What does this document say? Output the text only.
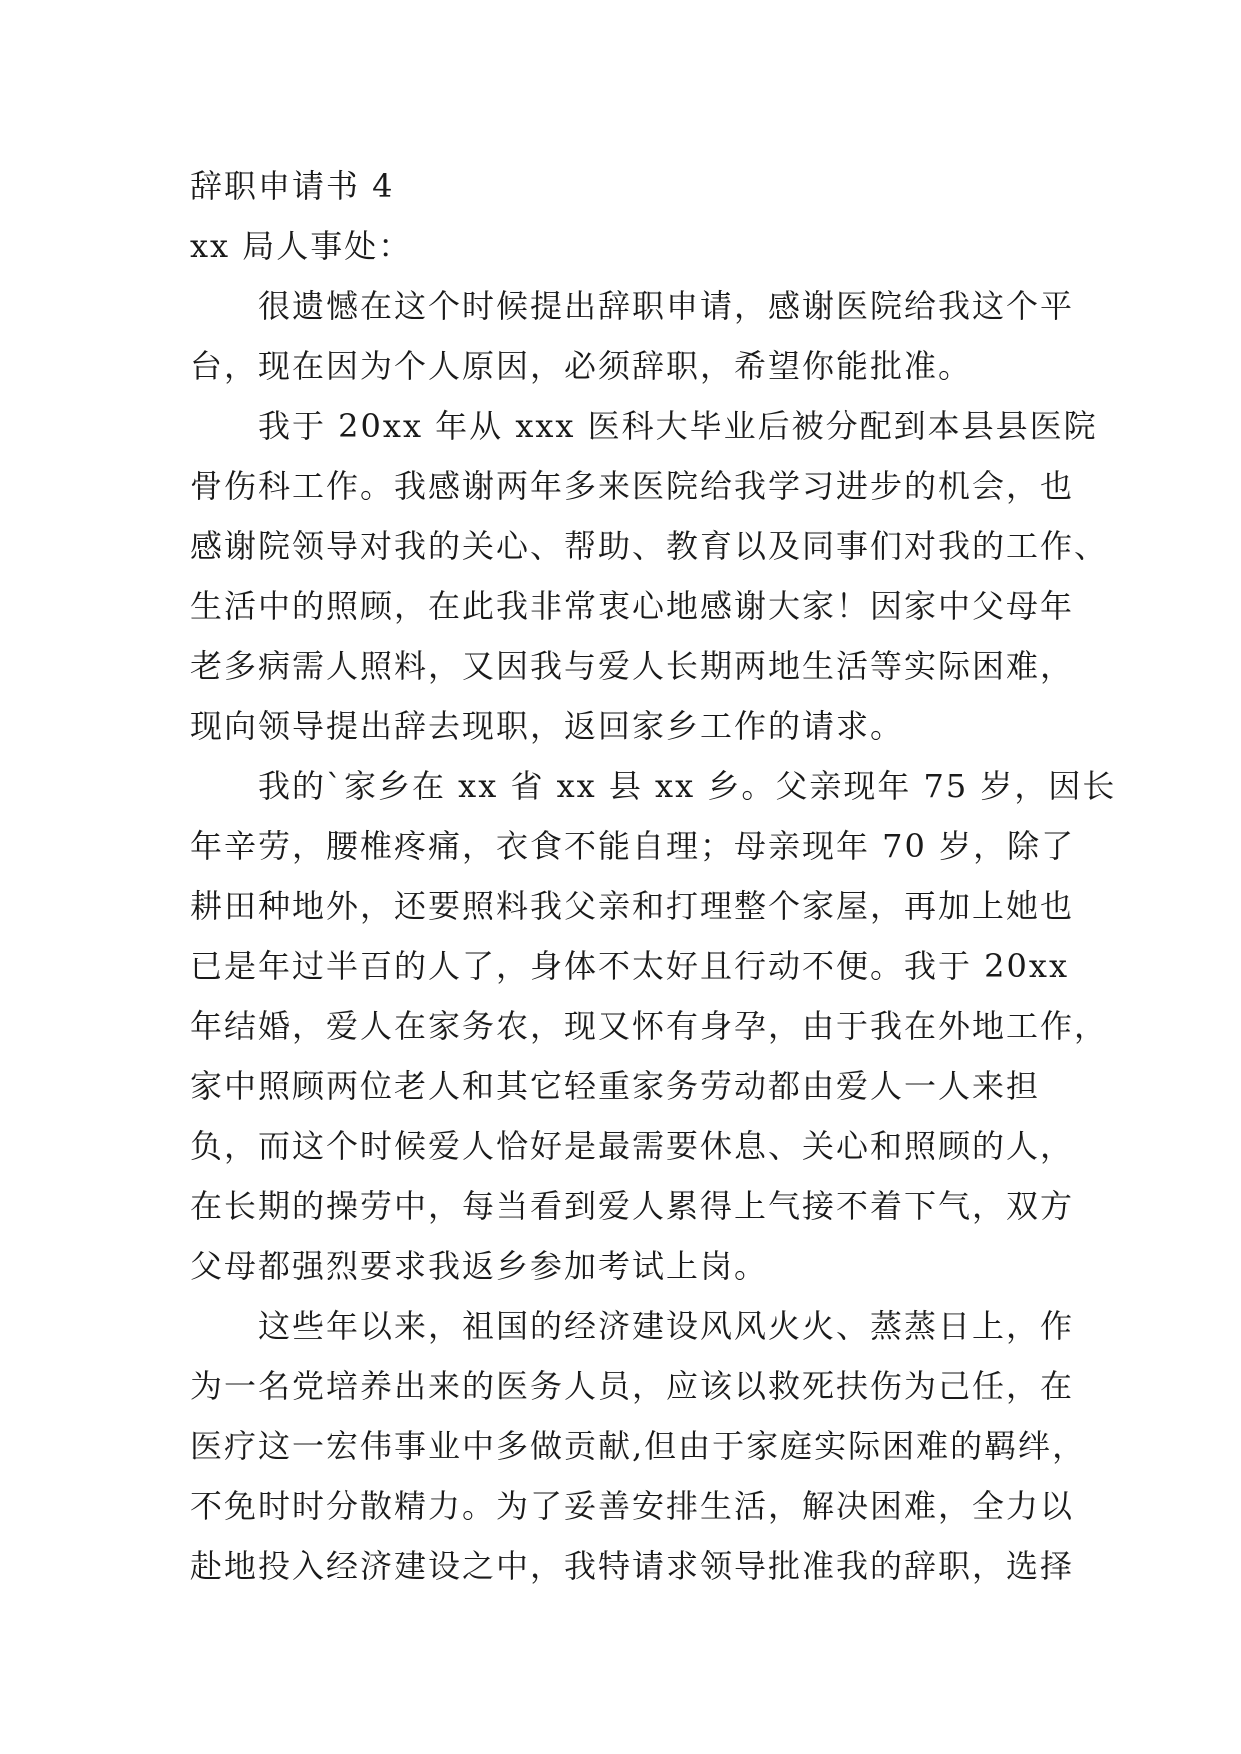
辞职申请书 4
xx 局人事处：
　　很遗憾在这个时候提出辞职申请，感谢医院给我这个平
台，现在因为个人原因，必须辞职，希望你能批准。
　　我于 20xx 年从 xxx 医科大毕业后被分配到本县县医院
骨伤科工作。我感谢两年多来医院给我学习进步的机会，也
感谢院领导对我的关心、帮助、教育以及同事们对我的工作、
生活中的照顾，在此我非常衷心地感谢大家！因家中父母年
老多病需人照料，又因我与爱人长期两地生活等实际困难，
现向领导提出辞去现职，返回家乡工作的请求。
　　我的`家乡在 xx 省 xx 县 xx 乡。父亲现年 75 岁，因长
年辛劳，腰椎疼痛，衣食不能自理；母亲现年 70 岁，除了
耕田种地外，还要照料我父亲和打理整个家屋，再加上她也
已是年过半百的人了，身体不太好且行动不便。我于 20xx
年结婚，爱人在家务农，现又怀有身孕，由于我在外地工作，
家中照顾两位老人和其它轻重家务劳动都由爱人一人来担
负，而这个时候爱人恰好是最需要休息、关心和照顾的人，
在长期的操劳中，每当看到爱人累得上气接不着下气，双方
父母都强烈要求我返乡参加考试上岗。
　　这些年以来，祖国的经济建设风风火火、蒸蒸日上，作
为一名党培养出来的医务人员，应该以救死扶伤为己任，在
医疗这一宏伟事业中多做贡献,但由于家庭实际困难的羁绊，
不免时时分散精力。为了妥善安排生活，解决困难，全力以
赴地投入经济建设之中，我特请求领导批准我的辞职，选择
